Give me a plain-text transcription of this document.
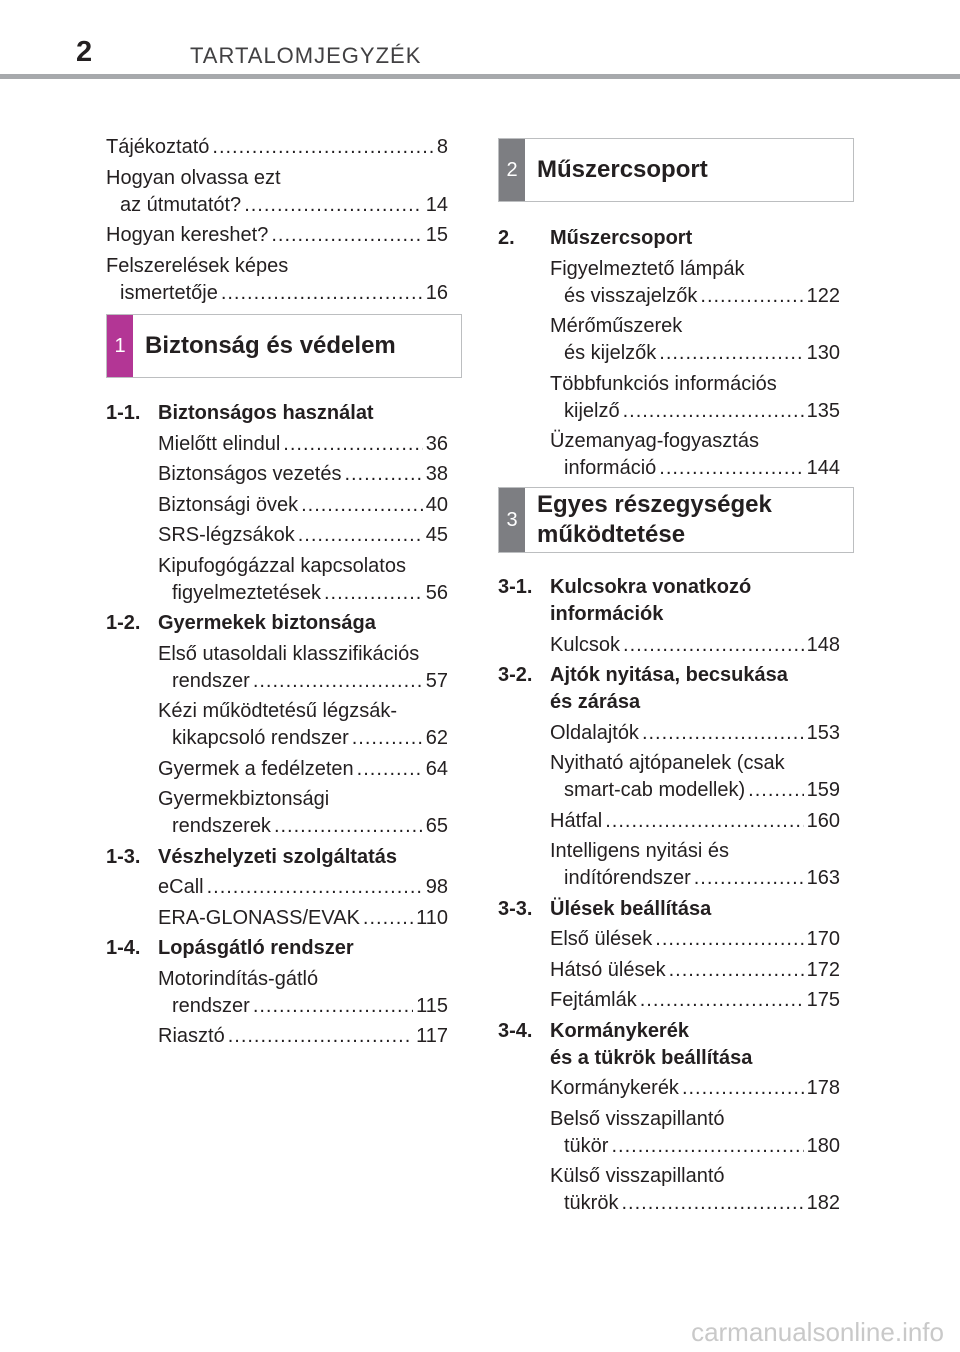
2	TARTALOMJEGYZÉK
Tájékoztató .....	8
Hogyan olvassa ezt
az útmutatót? .....	14
Hogyan kereshet? .....	15
Felszerelések képes
ismertetője .....	16
1 Biztonság és védelem
1-1. Biztonságos használat
Mielőtt elindul .....	36
Biztonságos vezetés .....	38
Biztonsági övek .....	40
SRS-légzsákok .....	45
Kipufogógázzal kapcsolatos
figyelmeztetések .....	56
1-2. Gyermekek biztonsága
Első utasoldali klasszifikációs
rendszer .....	57
Kézi működtetésű légzsák-
kikapcsoló rendszer .....	62
Gyermek a fedélzeten .....	64
Gyermekbiztonsági
rendszerek .....	65
1-3. Vészhelyzeti szolgáltatás
eCall .....	98
ERA-GLONASS/EVAK .....	110
1-4. Lopásgátló rendszer
Motorindítás-gátló
rendszer .....	115
Riasztó .....	117
2 Műszercsoport
2. Műszercsoport
Figyelmeztető lámpák
és visszajelzők .....	122
Mérőműszerek
és kijelzők .....	130
Többfunkciós információs
kijelző .....	135
Üzemanyag-fogyasztás
információ .....	144
3
Egyes részegységek
működtetése
3-1. Kulcsokra vonatkozó
információk
Kulcsok .....	148
3-2. Ajtók nyitása, becsukása
és zárása
Oldalajtók .....	153
Nyitható ajtópanelek (csak
smart-cab modellek) .....	159
Hátfal .....	160
Intelligens nyitási és
indítórendszer .....	163
3-3. Ülések beállítása
Első ülések .....	170
Hátsó ülések .....	172
Fejtámlák .....	175
3-4. Kormánykerék
és a tükrök beállítása
Kormánykerék .....	178
Belső visszapillantó
tükör .....	180
Külső visszapillantó
tükrök .....	182
carmanualsonline.info
